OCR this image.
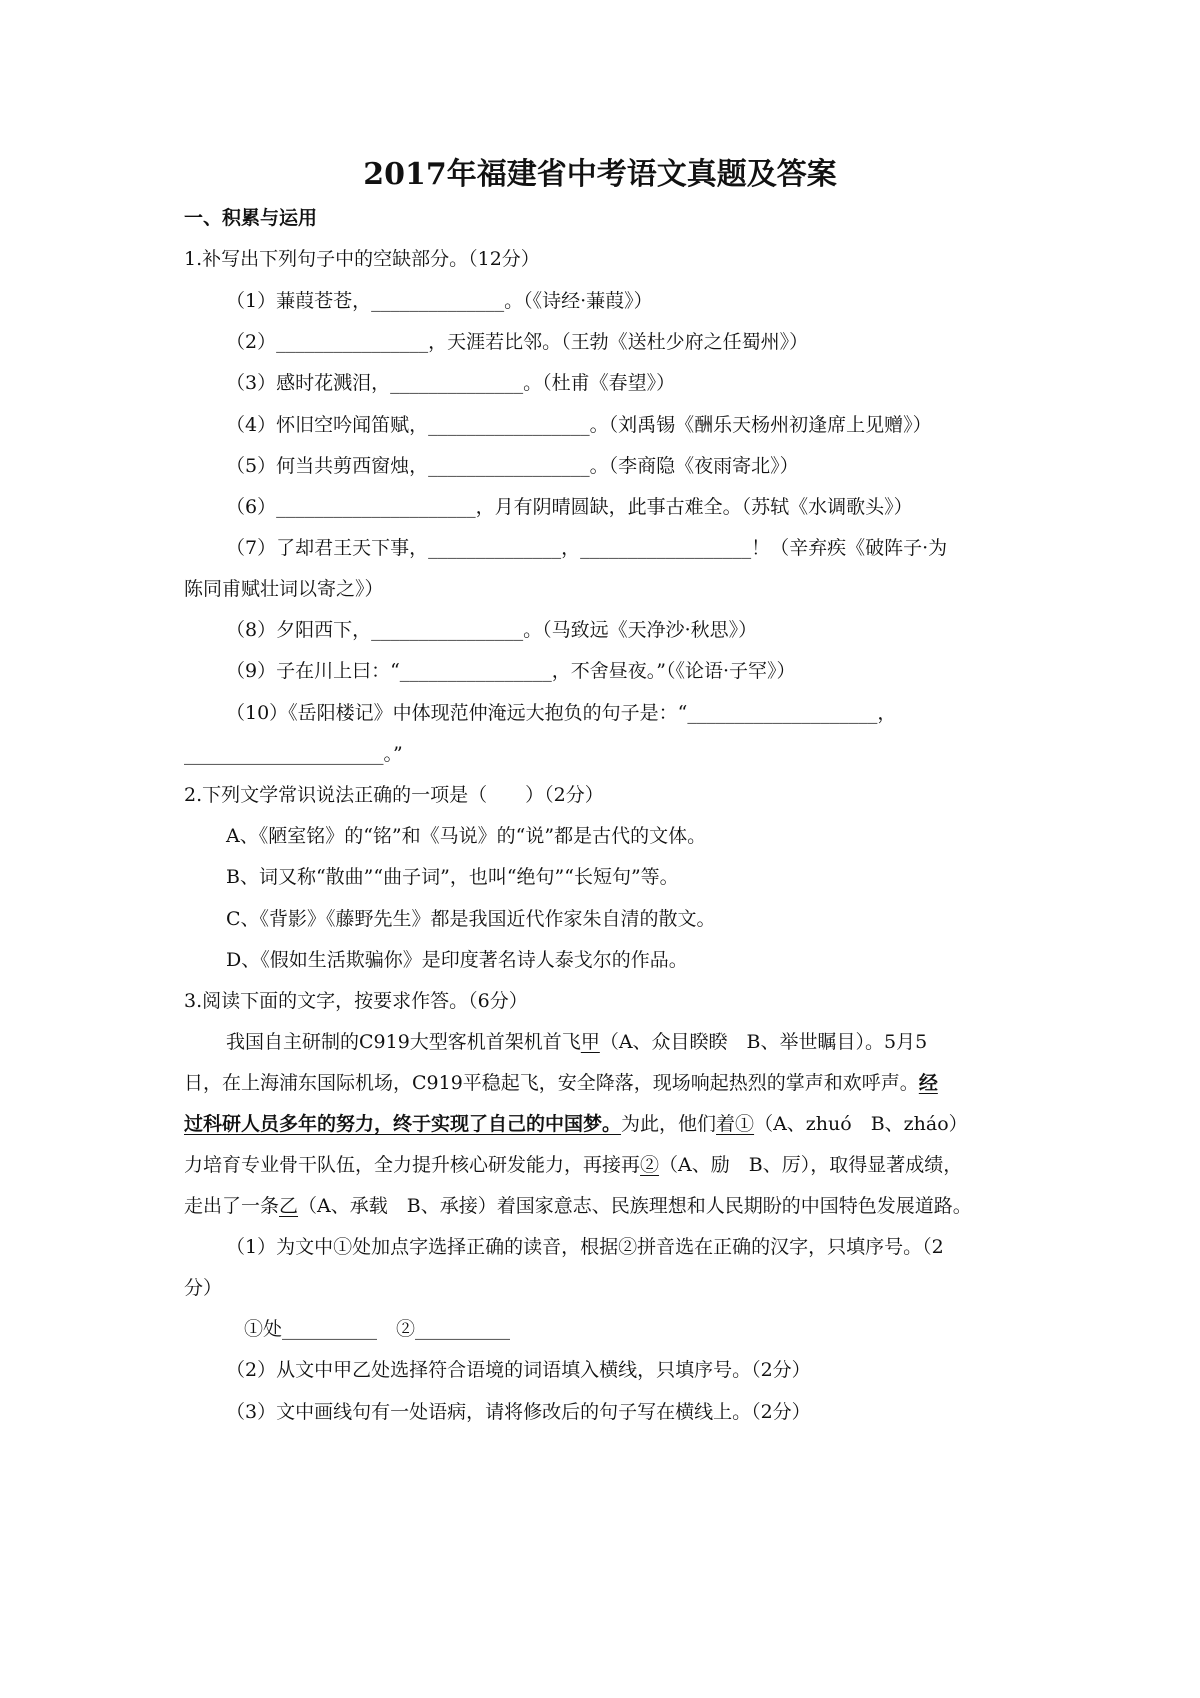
2017年福建省中考语文真题及答案
一、积累与运用
1.补写出下列句子中的空缺部分。（12分）
（1）蒹葭苍苍，______________。（《诗经·蒹葭》）
（2）________________，天涯若比邻。（王勃《送杜少府之任蜀州》）
（3）感时花溅泪，______________。（杜甫《春望》）
（4）怀旧空吟闻笛赋，_________________。（刘禹锡《酬乐天杨州初逢席上见赠》）
（5）何当共剪西窗烛，_________________。（李商隐《夜雨寄北》）
（6）_____________________，月有阴晴圆缺，此事古难全。（苏轼《水调歌头》）
（7）了却君王天下事，______________，__________________！（辛弃疾《破阵子·为
陈同甫赋壮词以寄之》）
（8）夕阳西下，________________。（马致远《天净沙·秋思》）
（9）子在川上曰：“________________，不舍昼夜。”（《论语·子罕》）
（10）《岳阳楼记》中体现范仲淹远大抱负的句子是：“____________________，
_____________________。”
2.下列文学常识说法正确的一项是（　　）（2分）
A、《陋室铭》的“铭”和《马说》的“说”都是古代的文体。
B、词又称“散曲”“曲子词”，也叫“绝句”“长短句”等。
C、《背影》《藤野先生》都是我国近代作家朱自清的散文。
D、《假如生活欺骗你》是印度著名诗人泰戈尔的作品。
3.阅读下面的文字，按要求作答。（6分）
我国自主研制的C919大型客机首架机首飞甲（A、众目睽睽　B、举世瞩目）。5月5
日，在上海浦东国际机场，C919平稳起飞，安全降落，现场响起热烈的掌声和欢呼声。经
过科研人员多年的努力，终于实现了自己的中国梦。为此，他们着①（A、zhuó　B、zháo）
力培育专业骨干队伍，全力提升核心研发能力，再接再②（A、励　B、厉），取得显著成绩，
走出了一条乙（A、承载　B、承接）着国家意志、民族理想和人民期盼的中国特色发展道路。
（1）为文中①处加点字选择正确的读音，根据②拼音选在正确的汉字，只填序号。（2
分）
①处__________　②__________
（2）从文中甲乙处选择符合语境的词语填入横线，只填序号。（2分）
（3）文中画线句有一处语病，请将修改后的句子写在横线上。（2分）
